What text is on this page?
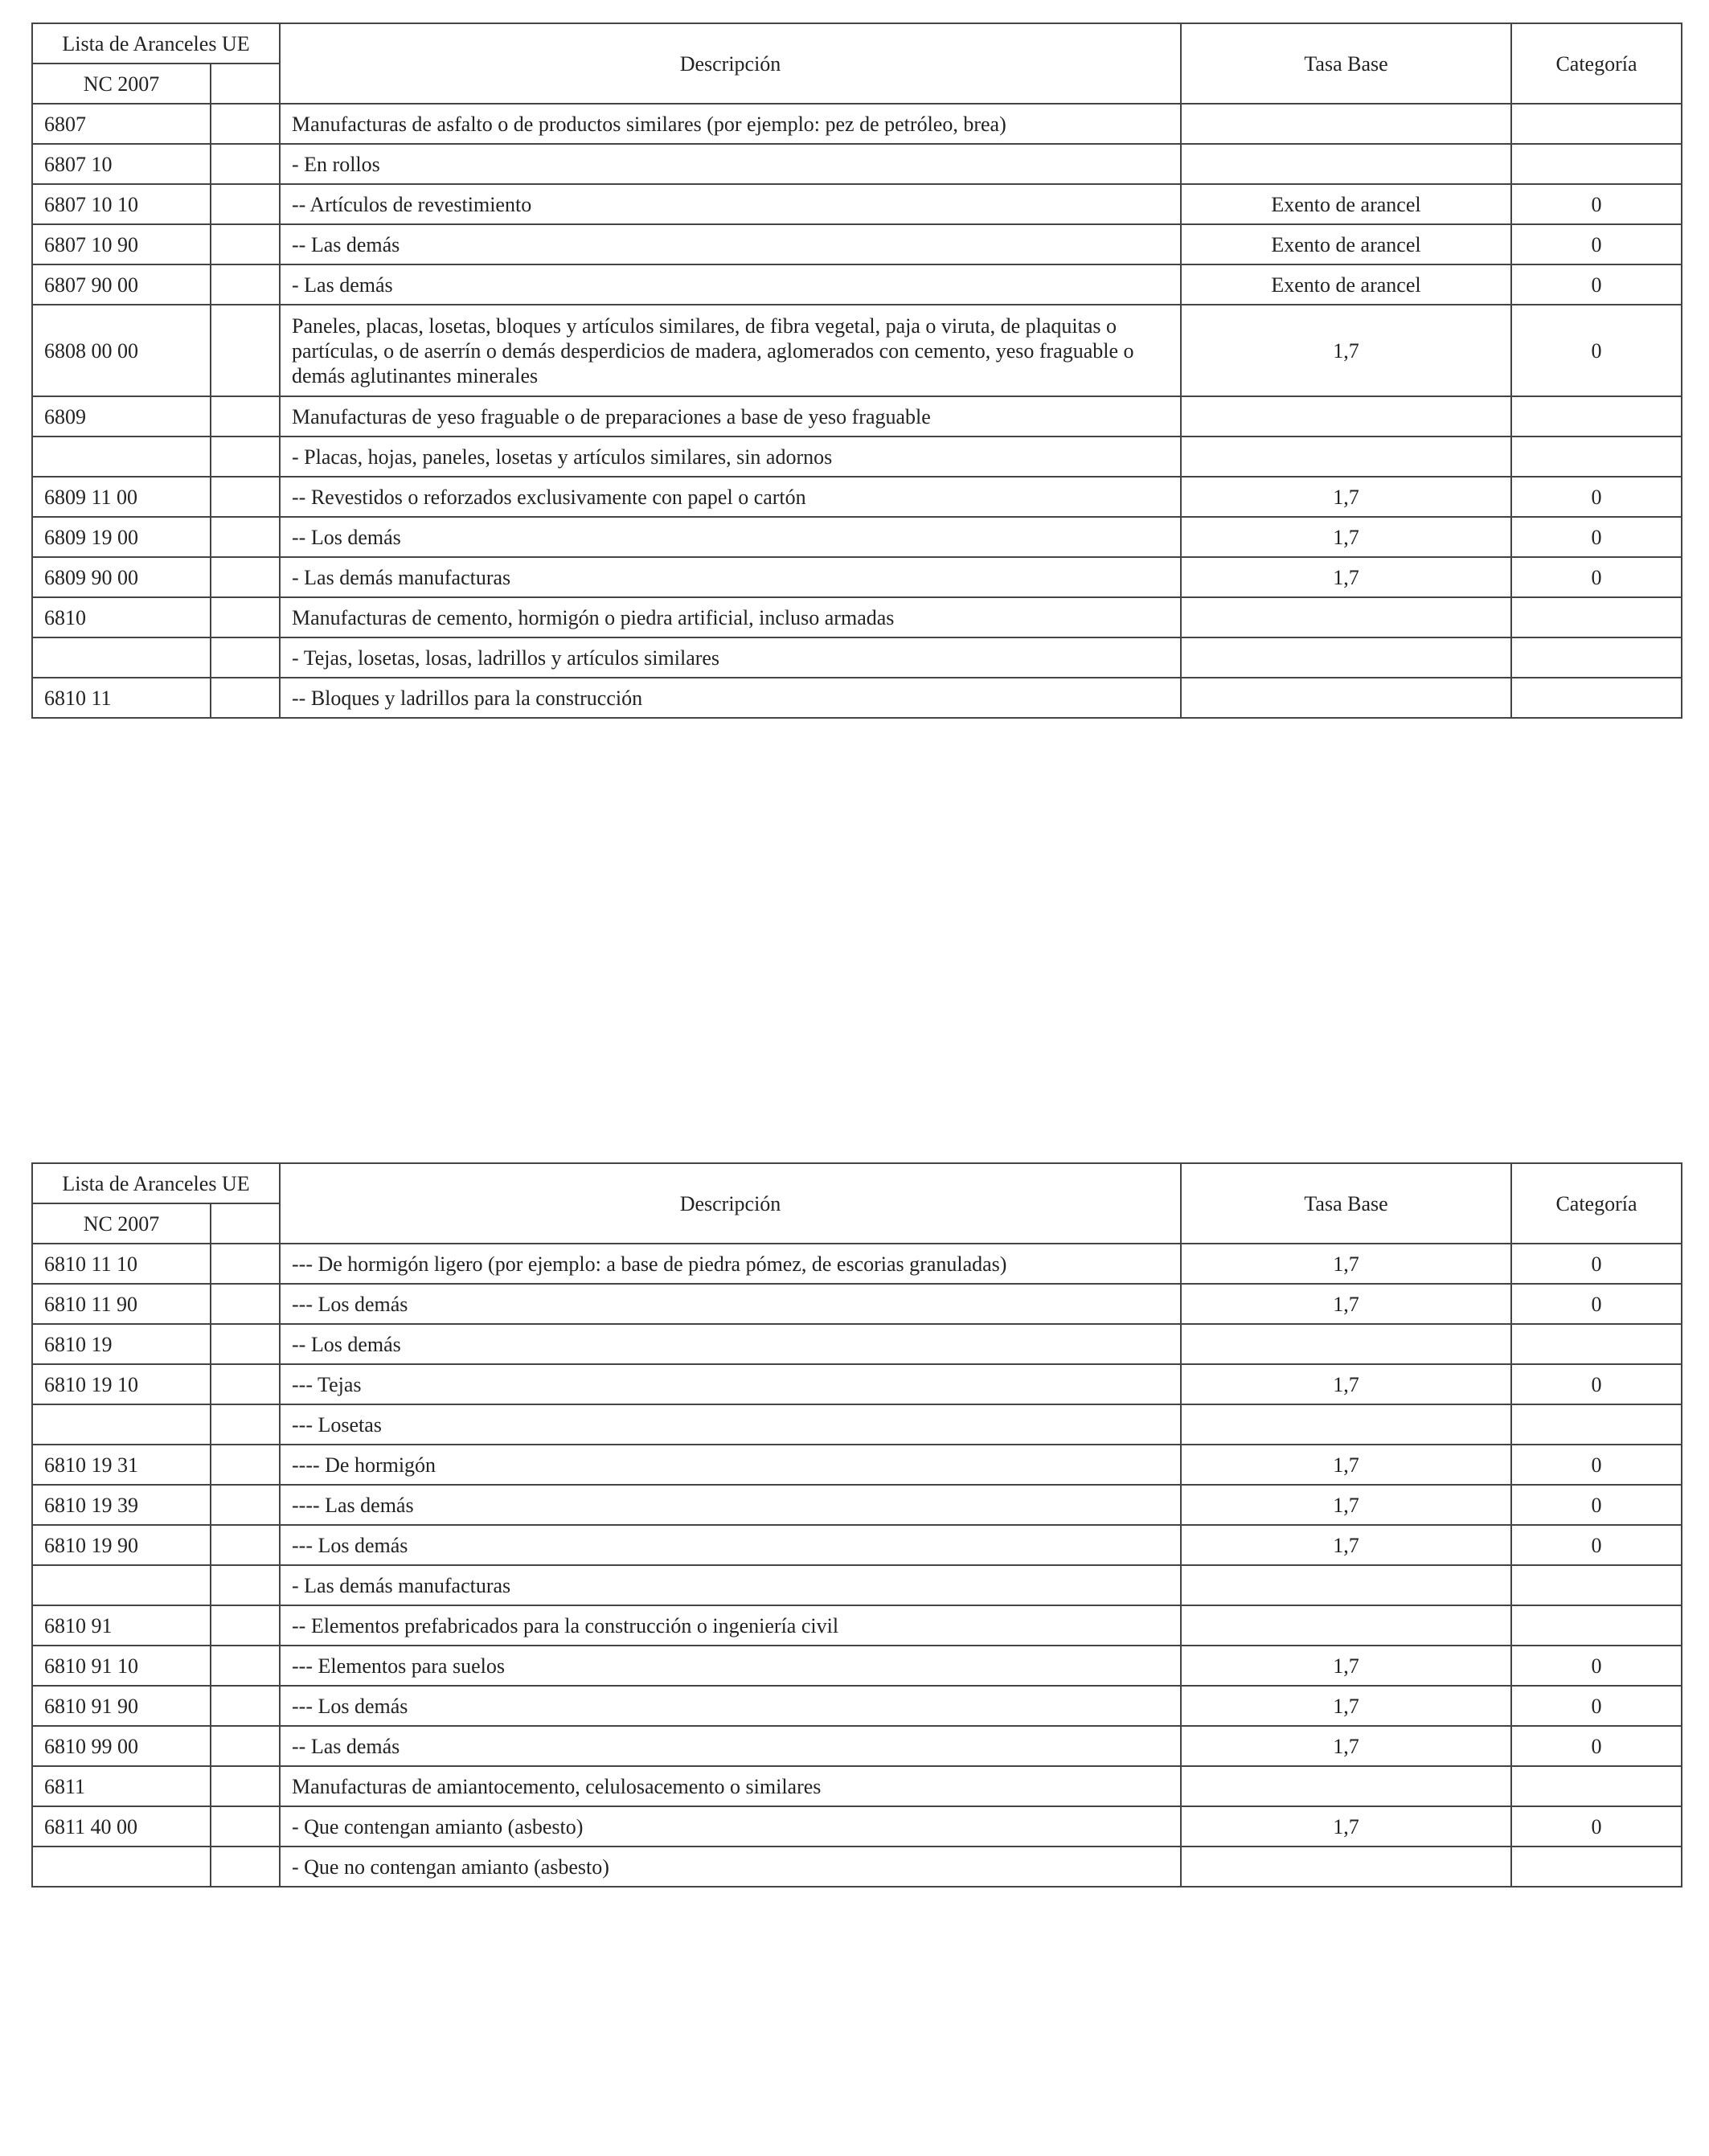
Lista de Aranceles UE		Descripción	Tasa Base	Categoría
NC 2007				
6807		Manufacturas de asfalto o de productos similares (por ejemplo: pez de petróleo, brea)		
6807 10		- En rollos		
6807 10 10		-- Artículos de revestimiento	Exento de arancel	0
6807 10 90		-- Las demás	Exento de arancel	0
6807 90 00		- Las demás	Exento de arancel	0
6808 00 00		Paneles, placas, losetas, bloques y artículos similares, de fibra vegetal, paja o viruta, de plaquitas o partículas, o de aserrín o demás desperdicios de madera, aglomerados con cemento, yeso fraguable o demás aglutinantes minerales	1,7	0
6809		Manufacturas de yeso fraguable o de preparaciones a base de yeso fraguable		
		- Placas, hojas, paneles, losetas y artículos similares, sin adornos		
6809 11 00		-- Revestidos o reforzados exclusivamente con papel o cartón	1,7	0
6809 19 00		-- Los demás	1,7	0
6809 90 00		- Las demás manufacturas	1,7	0
6810		Manufacturas de cemento, hormigón o piedra artificial, incluso armadas		
		- Tejas, losetas, losas, ladrillos y artículos similares		
6810 11		-- Bloques y ladrillos para la construcción		
Lista de Aranceles UE		Descripción	Tasa Base	Categoría
NC 2007				
6810 11 10		--- De hormigón ligero (por ejemplo: a base de piedra pómez, de escorias granuladas)	1,7	0
6810 11 90		--- Los demás	1,7	0
6810 19		-- Los demás		
6810 19 10		--- Tejas	1,7	0
		--- Losetas		
6810 19 31		---- De hormigón	1,7	0
6810 19 39		---- Las demás	1,7	0
6810 19 90		--- Los demás	1,7	0
		- Las demás manufacturas		
6810 91		-- Elementos prefabricados para la construcción o ingeniería civil		
6810 91 10		--- Elementos para suelos	1,7	0
6810 91 90		--- Los demás	1,7	0
6810 99 00		-- Las demás	1,7	0
6811		Manufacturas de amiantocemento, celulosacemento o similares		
6811 40 00		- Que contengan amianto (asbesto)	1,7	0
		- Que no contengan amianto (asbesto)		
